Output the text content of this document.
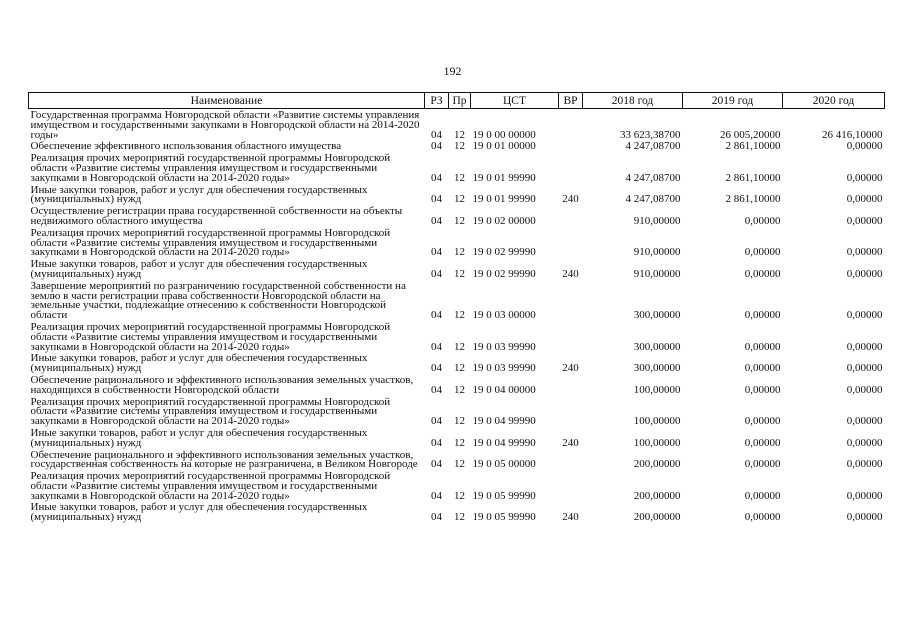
192
Наименование	РЗ	Пр	ЦСТ	ВР	2018 год	2019 год	2020 год
Государственная программа Новгородской области «Развитие системы управления имуществом и государственными закупками в Новгородской области на 2014-2020 годы»	04	12	19 0 00 00000		33 623,38700	26 005,20000	26 416,10000
Обеспечение эффективного использования областного имущества	04	12	19 0 01 00000		4 247,08700	2 861,10000	0,00000
Реализация прочих мероприятий государственной программы Новгородской области «Развитие системы управления имуществом и государственными закупками в Новгородской области на 2014-2020 годы»	04	12	19 0 01 99990		4 247,08700	2 861,10000	0,00000
Иные закупки товаров, работ и услуг для обеспечения государственных (муниципальных) нужд	04	12	19 0 01 99990	240	4 247,08700	2 861,10000	0,00000
Осуществление регистрации права государственной собственности на объекты недвижимого областного имущества	04	12	19 0 02 00000		910,00000	0,00000	0,00000
Реализация прочих мероприятий государственной программы Новгородской области «Развитие системы управления имуществом и государственными закупками в Новгородской области на 2014-2020 годы»	04	12	19 0 02 99990		910,00000	0,00000	0,00000
Иные закупки товаров, работ и услуг для обеспечения государственных (муниципальных) нужд	04	12	19 0 02 99990	240	910,00000	0,00000	0,00000
Завершение мероприятий по разграничению государственной собственности на землю в части регистрации права собственности Новгородской области на земельные участки, подлежащие отнесению к собственности Новгородской области	04	12	19 0 03 00000		300,00000	0,00000	0,00000
Реализация прочих мероприятий государственной программы Новгородской области «Развитие системы управления имуществом и государственными закупками в Новгородской области на 2014-2020 годы»	04	12	19 0 03 99990		300,00000	0,00000	0,00000
Иные закупки товаров, работ и услуг для обеспечения государственных (муниципальных) нужд	04	12	19 0 03 99990	240	300,00000	0,00000	0,00000
Обеспечение рационального и эффективного использования земельных участков, находящихся в собственности Новгородской области	04	12	19 0 04 00000		100,00000	0,00000	0,00000
Реализация прочих мероприятий государственной программы Новгородской области «Развитие системы управления имуществом и государственными закупками в Новгородской области на 2014-2020 годы»	04	12	19 0 04 99990		100,00000	0,00000	0,00000
Иные закупки товаров, работ и услуг для обеспечения государственных (муниципальных) нужд	04	12	19 0 04 99990	240	100,00000	0,00000	0,00000
Обеспечение рационального и эффективного использования земельных участков, государственная собственность на которые не разграничена, в Великом Новгороде	04	12	19 0 05 00000		200,00000	0,00000	0,00000
Реализация прочих мероприятий государственной программы Новгородской области «Развитие системы управления имуществом и государственными закупками в Новгородской области на 2014-2020 годы»	04	12	19 0 05 99990		200,00000	0,00000	0,00000
Иные закупки товаров, работ и услуг для обеспечения государственных (муниципальных) нужд	04	12	19 0 05 99990	240	200,00000	0,00000	0,00000
